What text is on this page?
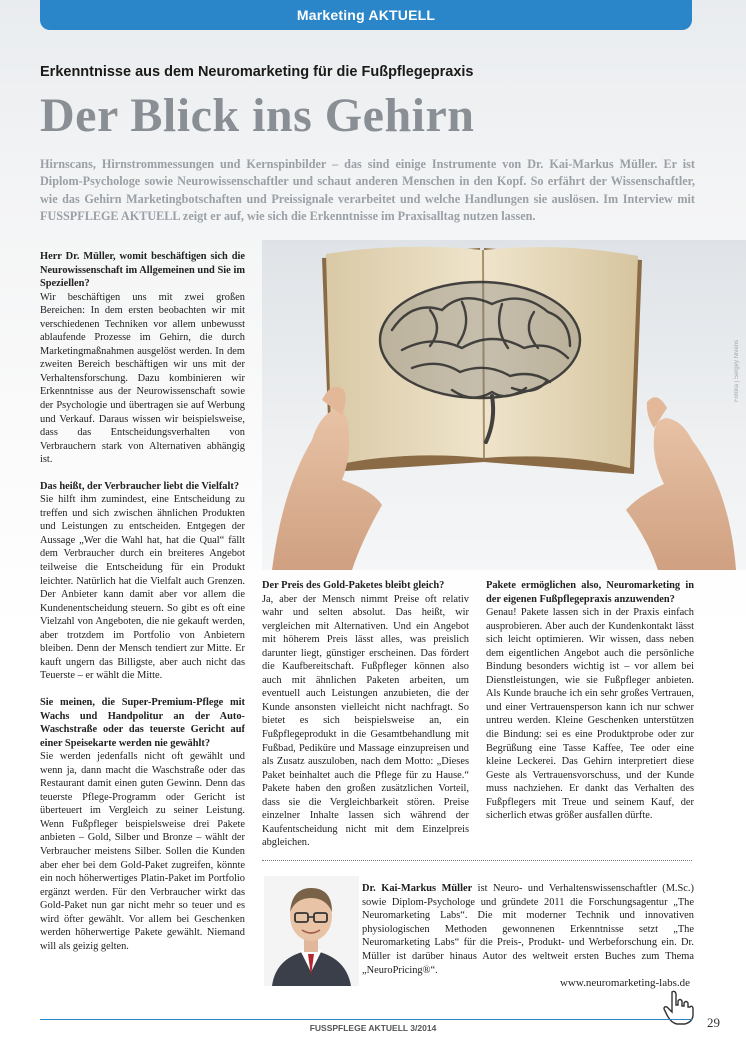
Marketing AKTUELL
Erkenntnisse aus dem Neuromarketing für die Fußpflegepraxis
Der Blick ins Gehirn
Hirnscans, Hirnstrommessungen und Kernspinbilder – das sind einige Instrumente von Dr. Kai-Markus Müller. Er ist Diplom-Psychologe sowie Neurowissenschaftler und schaut anderen Menschen in den Kopf. So erfährt der Wissenschaftler, wie das Gehirn Marketingbotschaften und Preissignale verarbeitet und welche Handlungen sie auslösen. Im Interview mit FUSSPFLEGE AKTUELL zeigt er auf, wie sich die Erkenntnisse im Praxisalltag nutzen lassen.

Herr Dr. Müller, womit beschäftigen sich die Neurowissenschaft im Allgemeinen und Sie im Speziellen?

Wir beschäftigen uns mit zwei großen Bereichen: In dem ersten beobachten wir mit verschiedenen Techniken vor allem unbewusst ablaufende Prozesse im Gehirn, die durch Marketingmaßnahmen ausgelöst werden. In dem zweiten Bereich beschäftigen wir uns mit der Verhaltensforschung. Dazu kombinieren wir Erkenntnisse aus der Neurowissenschaft sowie der Psychologie und übertragen sie auf Werbung und Verkauf. Daraus wissen wir beispielsweise, dass das Entscheidungsverhalten von Verbrauchern stark von Alternativen abhängig ist.

Das heißt, der Verbraucher liebt die Vielfalt?

Sie hilft ihm zumindest, eine Entscheidung zu treffen und sich zwischen ähnlichen Produkten und Leistungen zu entscheiden. Entgegen der Aussage „Wer die Wahl hat, hat die Qual“ fällt dem Verbraucher durch ein breiteres Angebot teilweise die Entscheidung für ein Produkt leichter. Natürlich hat die Vielfalt auch Grenzen. Der Anbieter kann damit aber vor allem die Kundenentscheidung steuern. So gibt es oft eine Vielzahl von Angeboten, die nie gekauft werden, aber trotzdem im Portfolio von Anbietern bleiben. Denn der Mensch tendiert zur Mitte. Er kauft ungern das Billigste, aber auch nicht das Teuerste – er wählt die Mitte.

Sie meinen, die Super-Premium-Pflege mit Wachs und Handpolitur an der Auto-Waschstraße oder das teuerste Gericht auf einer Speisekarte werden nie gewählt?

Sie werden jedenfalls nicht oft gewählt und wenn ja, dann macht die Waschstraße oder das Restaurant damit einen guten Gewinn. Denn das teuerste Pflege-Programm oder Gericht ist überteuert im Vergleich zu seiner Leistung. Wenn Fußpfleger beispielsweise drei Pakete anbieten – Gold, Silber und Bronze – wählt der Verbraucher meistens Silber. Sollen die Kunden aber eher bei dem Gold-Paket zugreifen, könnte ein noch höherwertiges Platin-Paket im Portfolio ergänzt werden. Für den Verbraucher wirkt das Gold-Paket nun gar nicht mehr so teuer und es wird öfter gewählt. Vor allem bei Geschenken werden höherwertige Pakete gewählt. Niemand will als geizig gelten.

Fotolia | Sergey Nivens

Der Preis des Gold-Paketes bleibt gleich?

Ja, aber der Mensch nimmt Preise oft relativ wahr und selten absolut. Das heißt, wir vergleichen mit Alternativen. Und ein Angebot mit höherem Preis lässt alles, was preislich darunter liegt, günstiger erscheinen. Das fördert die Kaufbereitschaft. Fußpfleger können also auch mit ähnlichen Paketen arbeiten, um eventuell auch Leistungen anzubieten, die der Kunde ansonsten vielleicht nicht nachfragt. So bietet es sich beispielsweise an, ein Fußpflegeprodukt in die Gesamtbehandlung mit Fußbad, Pediküre und Massage einzupreisen und als Zusatz auszuloben, nach dem Motto: „Dieses Paket beinhaltet auch die Pflege für zu Hause.“ Pakete haben den großen zusätzlichen Vorteil, dass sie die Vergleichbarkeit stören. Preise einzelner Inhalte lassen sich während der Kaufentscheidung nicht mit dem Einzelpreis abgleichen.

Pakete ermöglichen also, Neuromarketing in der eigenen Fußpflegepraxis anzuwenden?

Genau! Pakete lassen sich in der Praxis einfach ausprobieren. Aber auch der Kundenkontakt lässt sich leicht optimieren. Wir wissen, dass neben dem eigentlichen Angebot auch die persönliche Bindung besonders wichtig ist – vor allem bei Dienstleistungen, wie sie Fußpfleger anbieten. Als Kunde brauche ich ein sehr großes Vertrauen, und einer Vertrauensperson kann ich nur schwer untreu werden. Kleine Geschenken unterstützen die Bindung: sei es eine Produktprobe oder zur Begrüßung eine Tasse Kaffee, Tee oder eine kleine Leckerei. Das Gehirn interpretiert diese Geste als Vertrauensvorschuss, und der Kunde muss nachziehen. Er dankt das Verhalten des Fußpflegers mit Treue und seinem Kauf, der sicherlich etwas größer ausfallen dürfte.

Dr. Kai-Markus Müller ist Neuro- und Verhaltenswissenschaftler (M.Sc.) sowie Diplom-Psychologe und gründete 2011 die Forschungsagentur „The Neuromarketing Labs“. Die mit moderner Technik und innovativen physiologischen Methoden gewonnenen Erkenntnisse setzt „The Neuromarketing Labs“ für die Preis-, Produkt- und Werbeforschung ein. Dr. Müller ist darüber hinaus Autor des weltweit ersten Buches zum Thema „NeuroPricing®“.
www.neuromarketing-labs.de
FUSSPFLEGE AKTUELL 3/2014	29
